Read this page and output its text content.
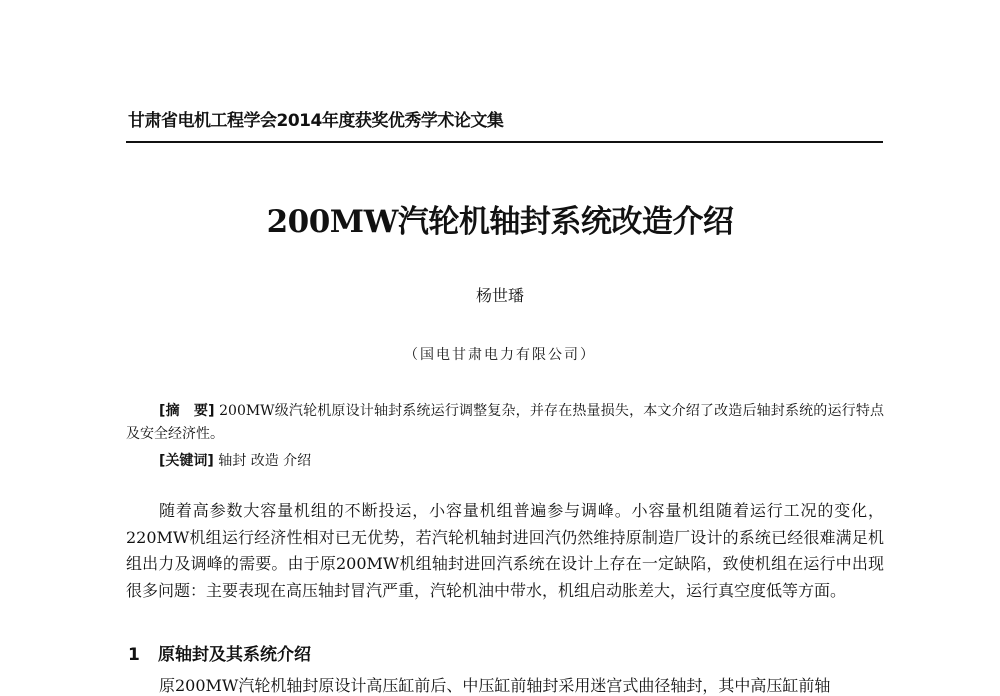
甘肃省电机工程学会2014年度获奖优秀学术论文集
200MW汽轮机轴封系统改造介绍
杨世璠
（国电甘肃电力有限公司）

[摘　要] 200MW级汽轮机原设计轴封系统运行调整复杂，并存在热量损失，本文介绍了改造后轴封系统的运行特点及安全经济性。

[关键词] 轴封 改造 介绍

随着高参数大容量机组的不断投运，小容量机组普遍参与调峰。小容量机组随着运行工况的变化，220MW机组运行经济性相对已无优势，若汽轮机轴封进回汽仍然维持原制造厂设计的系统已经很难满足机组出力及调峰的需要。由于原200MW机组轴封进回汽系统在设计上存在一定缺陷，致使机组在运行中出现很多问题：主要表现在高压轴封冒汽严重，汽轮机油中带水，机组启动胀差大，运行真空度低等方面。

1 原轴封及其系统介绍

原200MW汽轮机轴封原设计高压缸前后、中压缸前轴封采用迷宫式曲径轴封，其中高压缸前轴
